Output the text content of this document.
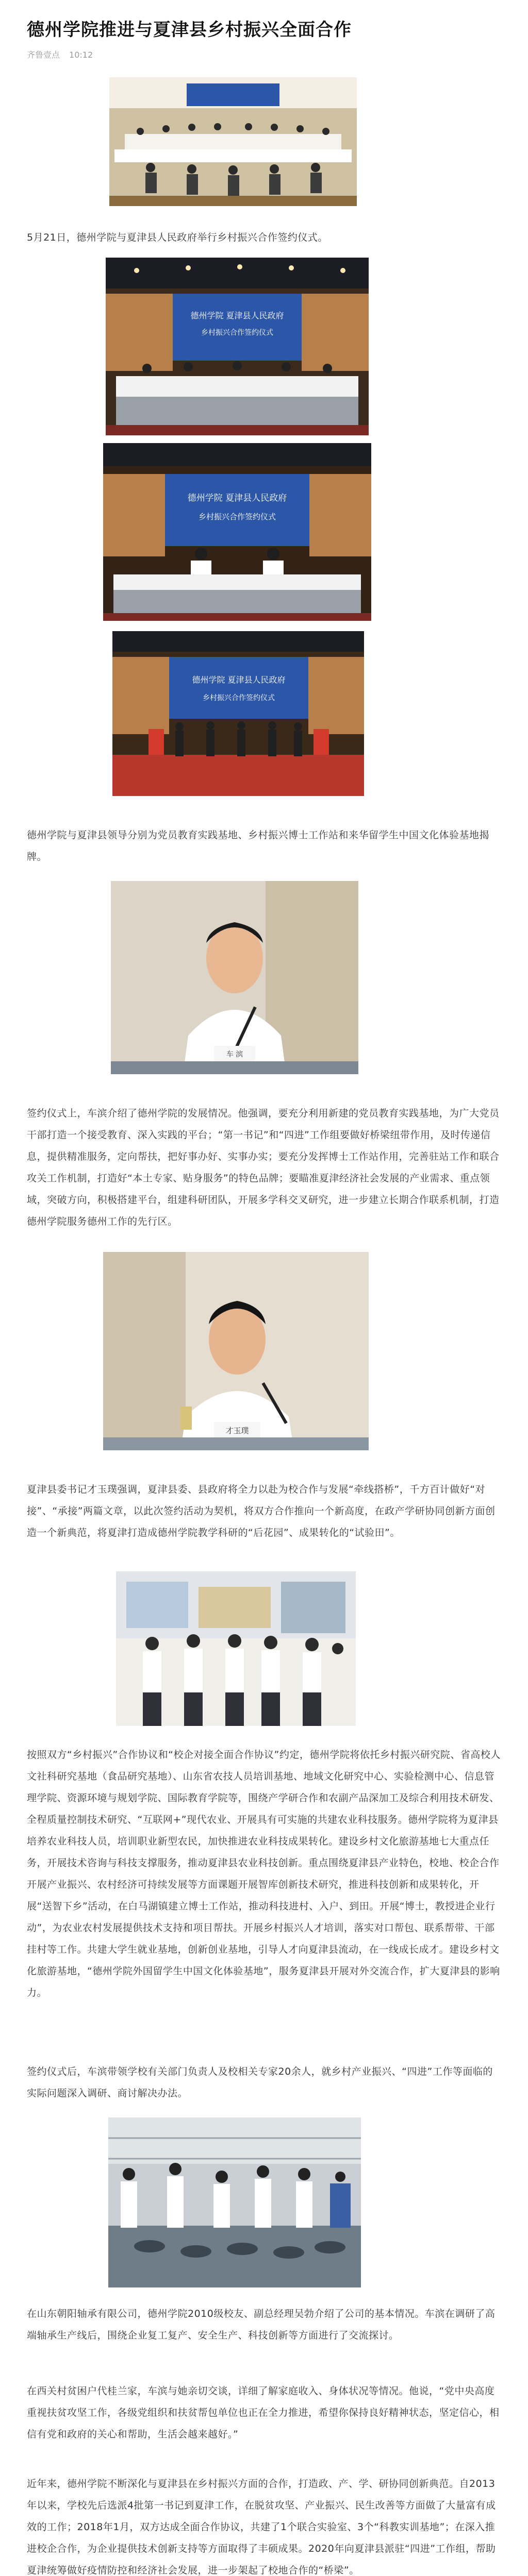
德州学院推进与夏津县乡村振兴全面合作
齐鲁壹点 10:12

5月21日，德州学院与夏津县人民政府举行乡村振兴合作签约仪式。

德州学院 夏津县人民政府
乡村振兴合作签约仪式
德州学院 夏津县人民政府
乡村振兴合作签约仪式
德州学院 夏津县人民政府
乡村振兴合作签约仪式

德州学院与夏津县领导分别为党员教育实践基地、乡村振兴博士工作站和来华留学生中国文化体验基地揭牌。

车 滨

签约仪式上，车滨介绍了德州学院的发展情况。他强调，要充分利用新建的党员教育实践基地，为广大党员干部打造一个接受教育、深入实践的平台；“第一书记”和“四进”工作组要做好桥梁纽带作用，及时传递信息，提供精准服务，定向帮扶，把好事办好、实事办实；要充分发挥博士工作站作用，完善驻站工作和联合攻关工作机制，打造好“本土专家、贴身服务”的特色品牌；要瞄准夏津经济社会发展的产业需求、重点领域，突破方向，积极搭建平台，组建科研团队，开展多学科交叉研究，进一步建立长期合作联系机制，打造德州学院服务德州工作的先行区。

才玉璞

夏津县委书记才玉璞强调，夏津县委、县政府将全力以赴为校合作与发展“牵线搭桥”，千方百计做好“对接”、“承接”两篇文章，以此次签约活动为契机，将双方合作推向一个新高度，在政产学研协同创新方面创造一个新典范，将夏津打造成德州学院教学科研的“后花园”、成果转化的“试验田”。

按照双方“乡村振兴”合作协议和“校企对接全面合作协议”约定，德州学院将依托乡村振兴研究院、省高校人文社科研究基地（食品研究基地）、山东省农技人员培训基地、地域文化研究中心、实验检测中心、信息管理学院、资源环境与规划学院、国际教育学院等，围绕产学研合作和农副产品深加工及综合利用技术研发、全程质量控制技术研究、“互联网+”现代农业、开展具有可实施的共建农业科技服务。德州学院将为夏津县培养农业科技人员，培训职业新型农民，加快推进农业科技成果转化。建设乡村文化旅游基地七大重点任务，开展技术咨询与科技支撑服务，推动夏津县农业科技创新。重点围绕夏津县产业特色，校地、校企合作开展产业振兴、农村经济可持续发展等方面课题开展智库创新技术研究，推进科技创新和成果转化，开展“送智下乡”活动，在白马湖镇建立博士工作站，推动科技进村、入户、到田。开展“博士，教授进企业行动”，为农业农村发展提供技术支持和项目帮扶。开展乡村振兴人才培训，落实对口帮包、联系帮带、干部挂村等工作。共建大学生就业基地，创新创业基地，引导人才向夏津县流动，在一线成长成才。建设乡村文化旅游基地，“德州学院外国留学生中国文化体验基地”，服务夏津县开展对外交流合作，扩大夏津县的影响力。

签约仪式后，车滨带领学校有关部门负责人及校相关专家20余人，就乡村产业振兴、“四进”工作等面临的实际问题深入调研、商讨解决办法。

在山东朝阳轴承有限公司，德州学院2010级校友、副总经理吴勃介绍了公司的基本情况。车滨在调研了高端轴承生产线后，围绕企业复工复产、安全生产、科技创新等方面进行了交流探讨。

在西关村贫困户代桂兰家，车滨与她亲切交谈，详细了解家庭收入、身体状况等情况。他说，“党中央高度重视扶贫攻坚工作，各级党组织和扶贫帮包单位也正在全力推进，希望你保持良好精神状态，坚定信心，相信有党和政府的关心和帮助，生活会越来越好。”

近年来，德州学院不断深化与夏津县在乡村振兴方面的合作，打造政、产、学、研协同创新典范。自2013年以来，学校先后选派4批第一书记到夏津工作，在脱贫攻坚、产业振兴、民生改善等方面做了大量富有成效的工作；2018年1月，双方达成全面合作协议，共建了1个联合实验室、3个“科教实训基地”；在深入推进校企合作，为企业提供技术创新支持等方面取得了丰硕成果。2020年向夏津县派驻“四进”工作组，帮助夏津统筹做好疫情防控和经济社会发展，进一步架起了校地合作的“桥梁”。
